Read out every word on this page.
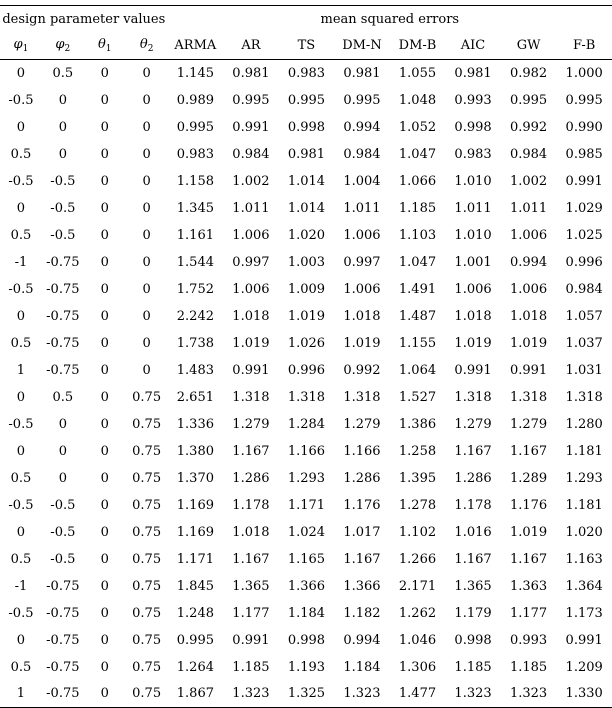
design parameter values				mean squared errors							
$\varphi_1$	$\varphi_2$	$\theta_1$	$\theta_2$	ARMA	AR	TS	DM-N	DM-B	AIC	GW	F-B
0	0.5	0	0	1.145	0.981	0.983	0.981	1.055	0.981	0.982	1.000
-0.5	0	0	0	0.989	0.995	0.995	0.995	1.048	0.993	0.995	0.995
0	0	0	0	0.995	0.991	0.998	0.994	1.052	0.998	0.992	0.990
0.5	0	0	0	0.983	0.984	0.981	0.984	1.047	0.983	0.984	0.985
-0.5	-0.5	0	0	1.158	1.002	1.014	1.004	1.066	1.010	1.002	0.991
0	-0.5	0	0	1.345	1.011	1.014	1.011	1.185	1.011	1.011	1.029
0.5	-0.5	0	0	1.161	1.006	1.020	1.006	1.103	1.010	1.006	1.025
-1	-0.75	0	0	1.544	0.997	1.003	0.997	1.047	1.001	0.994	0.996
-0.5	-0.75	0	0	1.752	1.006	1.009	1.006	1.491	1.006	1.006	0.984
0	-0.75	0	0	2.242	1.018	1.019	1.018	1.487	1.018	1.018	1.057
0.5	-0.75	0	0	1.738	1.019	1.026	1.019	1.155	1.019	1.019	1.037
1	-0.75	0	0	1.483	0.991	0.996	0.992	1.064	0.991	0.991	1.031
0	0.5	0	0.75	2.651	1.318	1.318	1.318	1.527	1.318	1.318	1.318
-0.5	0	0	0.75	1.336	1.279	1.284	1.279	1.386	1.279	1.279	1.280
0	0	0	0.75	1.380	1.167	1.166	1.166	1.258	1.167	1.167	1.181
0.5	0	0	0.75	1.370	1.286	1.293	1.286	1.395	1.286	1.289	1.293
-0.5	-0.5	0	0.75	1.169	1.178	1.171	1.176	1.278	1.178	1.176	1.181
0	-0.5	0	0.75	1.169	1.018	1.024	1.017	1.102	1.016	1.019	1.020
0.5	-0.5	0	0.75	1.171	1.167	1.165	1.167	1.266	1.167	1.167	1.163
-1	-0.75	0	0.75	1.845	1.365	1.366	1.366	2.171	1.365	1.363	1.364
-0.5	-0.75	0	0.75	1.248	1.177	1.184	1.182	1.262	1.179	1.177	1.173
0	-0.75	0	0.75	0.995	0.991	0.998	0.994	1.046	0.998	0.993	0.991
0.5	-0.75	0	0.75	1.264	1.185	1.193	1.184	1.306	1.185	1.185	1.209
1	-0.75	0	0.75	1.867	1.323	1.325	1.323	1.477	1.323	1.323	1.330
